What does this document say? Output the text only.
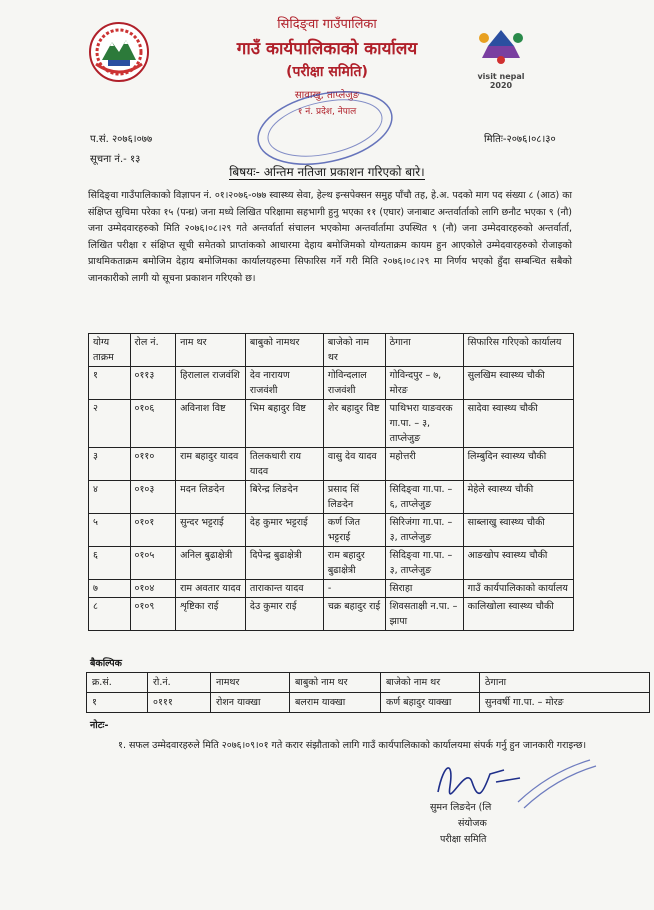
visit nepal 2020
सिदिङ्वा गाउँपालिका
गाउँ कार्यपालिकाको कार्यालय
(परीक्षा समिति)
सावाखु, ताप्लेजुङ
१ नं. प्रदेश, नेपाल
प.सं. २०७६।०७७
सूचना नं.- १३
मितिः-२०७६।०८।३०
बिषयः- अन्तिम नतिजा प्रकाशन गरिएको बारे।
सिदिङ्वा गाउँपालिकाको विज्ञापन नं. ०१।२०७६-०७७ स्वास्थ्य सेवा, हेल्थ इन्सपेक्सन समुह पाँचौ तह, हे.अ. पदको माग पद संख्या ८ (आठ) का संक्षिप्त सुचिमा परेका १५ (पन्ध्र) जना मध्ये लिखित परिक्षामा सहभागी हुनु भएका ११ (एघार) जनाबाट अन्तर्वार्ताको लागि छनौट भएका ९ (नौ) जना उम्मेदवारहरुको मिति २०७६।०८।२९ गते अन्तर्वार्ता संचालन भएकोमा अन्तर्वार्तामा उपस्थित ९ (नौ) जना उम्मेदवारहरुको अन्तर्वार्ता, लिखित परीक्षा र संक्षिप्त सूची समेतको प्राप्तांकको आधारमा देहाय बमोजिमको योग्यताक्रम कायम हुन आएकोले उम्मेदवारहरुको रोजाइको प्राथमिकताक्रम बमोजिम देहाय बमोजिमका कार्यालयहरुमा सिफारिस गर्ने गरी मिति २०७६।०८।२९ मा निर्णय भएको हुँदा सम्बन्धित सबैको जानकारीको लागी यो सूचना प्रकाशन गरिएको छ।
योग्य ताक्रम	रोल नं.	नाम थर	बाबुको नामथर	बाजेको नाम थर	ठेगाना	सिफारिस गरिएको कार्यालय
१	०११३	हिरालाल राजवंशि	देव नारायण राजवंशी	गोविन्दलाल राजवंशी	गोविन्दपुर – ७, मोरङ	सुलखिम स्वास्थ्य चौकी
२	०१०६	अविनाश विष्ट	भिम बहादुर विष्ट	शेर बहादुर विष्ट	पाथिभरा याङवरक गा.पा. – ३, ताप्लेजुङ	सादेवा स्वास्थ्य चौकी
३	०११०	राम बहादुर यादव	तिलकधारी राय यादव	वासु देव यादव	महोत्तरी	लिम्बुदिन स्वास्थ्य चौकी
४	०१०३	मदन लिङदेन	बिरेन्द्र लिङदेन	प्रसाद सिं लिङदेन	सिदिङ्वा गा.पा. – ६, ताप्लेजुङ	मेहेले स्वास्थ्य चौकी
५	०१०१	सुन्दर भट्टराई	देह कुमार भट्टराई	कर्ण जित भट्टराई	सिरिजंगा गा.पा. – ३, ताप्लेजुङ	साब्लाखु स्वास्थ्य चौकी
६	०१०५	अनिल बुढाक्षेत्री	दिपेन्द्र बुढाक्षेत्री	राम बहादुर बुढाक्षेत्री	सिदिङ्वा गा.पा. – ३, ताप्लेजुङ	आङखोप स्वास्थ्य चौकी
७	०१०४	राम अवतार यादव	ताराकान्त यादव	-	सिराहा	गाउँ कार्यपालिकाको कार्यालय
८	०१०९	शृष्टिका राई	देउ कुमार राई	चक्र बहादुर राई	शिवसताक्षी न.पा. – झापा	कालिखोला स्वास्थ्य चौकी
बैकल्पिक
क्र.सं.	रो.नं.	नामथर	बाबुको नाम थर	बाजेको नाम थर	ठेगाना
१	०१११	रोशन याक्खा	बलराम याक्खा	कर्ण बहादुर याक्खा	सुनवर्षी गा.पा. – मोरङ
नोटः-
१. सफल उम्मेदवारहरुले मिति २०७६।०९।०१ गते करार संझौताको लागि गाउँ कार्यपालिकाको कार्यालयमा संपर्क गर्नु हुन जानकारी गराइन्छ।
सुमन लिङदेन (लि
संयोजक
परीक्षा समिति
